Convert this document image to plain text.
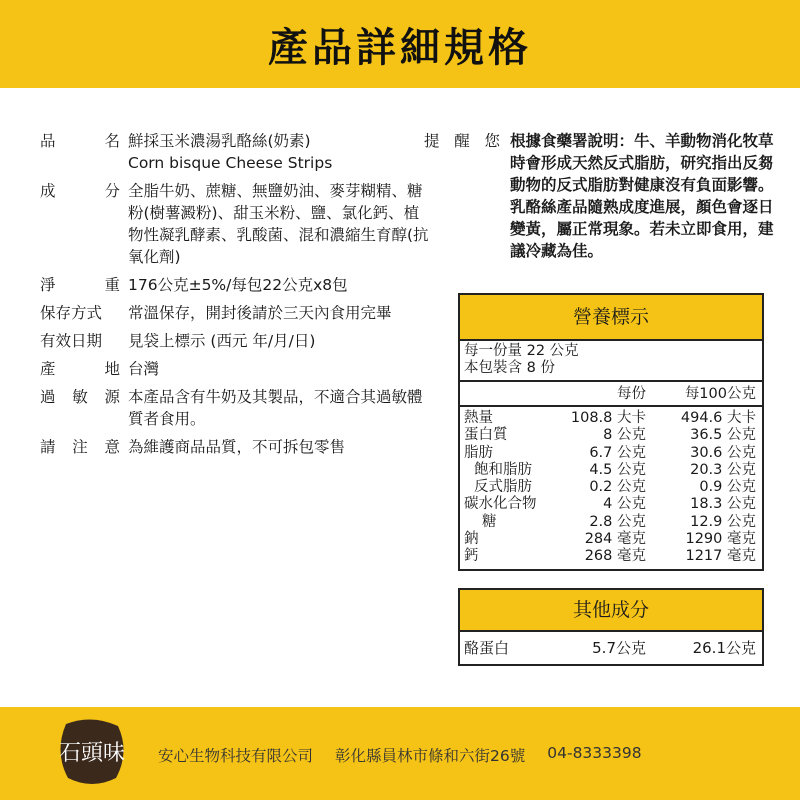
產品詳細規格
品	名 鮮採玉米濃湯乳酪絲(奶素)
Corn bisque Cheese Strips
成	分 全脂牛奶、蔗糖、無鹽奶油、麥芽糊精、糖粉(樹薯澱粉)、甜玉米粉、鹽、氯化鈣、植物性凝乳酵素、乳酸菌、混和濃縮生育醇(抗氧化劑)
淨	重 176公克±5%/每包22公克x8包
保存方式 常溫保存，開封後請於三天內食用完畢
有效日期 見袋上標示 (西元 年/月/日)
產	地 台灣
過 敏 源 本產品含有牛奶及其製品，不適合其過敏體質者食用。
請 注 意 為維護商品品質，不可拆包零售
提 醒 您 根據食藥署說明：牛、羊動物消化牧草時會形成天然反式脂肪，研究指出反芻動物的反式脂肪對健康沒有負面影響。乳酪絲產品隨熟成度進展，顏色會逐日變黃，屬正常現象。若未立即食用，建議冷藏為佳。
營養標示
每一份量 22 公克
本包裝含 8 份
每份	每100公克
熱量	108.8 大卡	494.6 大卡
蛋白質	8 公克	36.5 公克
脂肪	6.7 公克	30.6 公克
飽和脂肪	4.5 公克	20.3 公克
反式脂肪	0.2 公克	0.9 公克
碳水化合物	4 公克	18.3 公克
糖	2.8 公克	12.9 公克
鈉	284 毫克	1290 毫克
鈣	268 毫克	1217 毫克
其他成分
酪蛋白	5.7公克	26.1公克
石頭味 安心生物科技有限公司 彰化縣員林市條和六街26號 04-8333398
